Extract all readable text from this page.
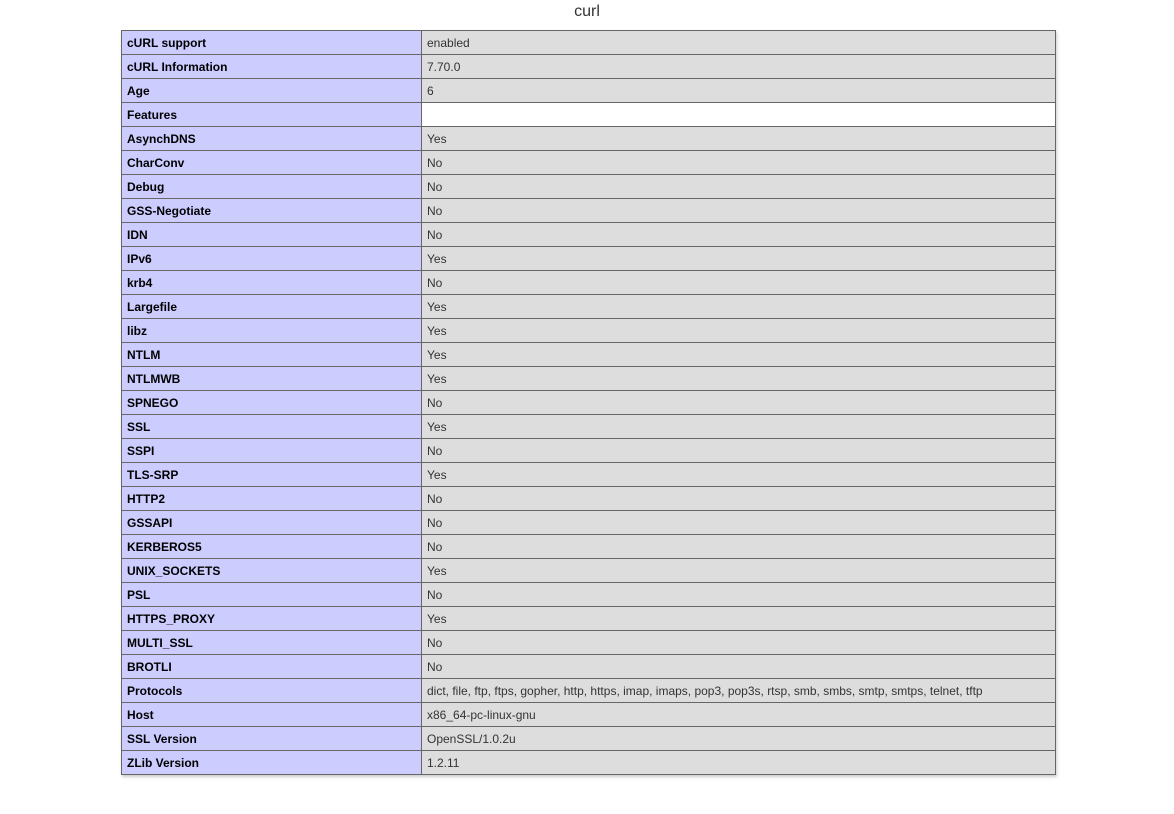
curl
cURL support	enabled
cURL Information	7.70.0
Age	6
Features	
AsynchDNS	Yes
CharConv	No
Debug	No
GSS-Negotiate	No
IDN	No
IPv6	Yes
krb4	No
Largefile	Yes
libz	Yes
NTLM	Yes
NTLMWB	Yes
SPNEGO	No
SSL	Yes
SSPI	No
TLS-SRP	Yes
HTTP2	No
GSSAPI	No
KERBEROS5	No
UNIX_SOCKETS	Yes
PSL	No
HTTPS_PROXY	Yes
MULTI_SSL	No
BROTLI	No
Protocols	dict, file, ftp, ftps, gopher, http, https, imap, imaps, pop3, pop3s, rtsp, smb, smbs, smtp, smtps, telnet, tftp
Host	x86_64-pc-linux-gnu
SSL Version	OpenSSL/1.0.2u
ZLib Version	1.2.11
